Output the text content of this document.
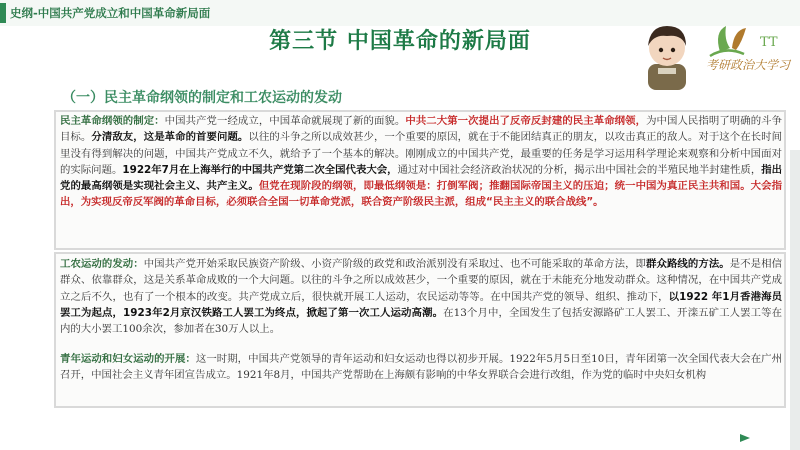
史纲-中国共产党成立和中国革命新局面
第三节 中国革命的新局面	TT
考研政治大学习
（一）民主革命纲领的制定和工农运动的发动
民主革命纲领的制定：中国共产党一经成立，中国革命就展现了新的面貌。中共二大第一次提出了反帝反封建的民主革命纲领，为中国人民指明了明确的斗争目标。分清敌友，这是革命的首要问题。以往的斗争之所以成效甚少，一个重要的原因，就在于不能团结真正的朋友，以攻击真正的敌人。对于这个在长时间里没有得到解决的问题，中国共产党成立不久，就给予了一个基本的解决。刚刚成立的中国共产党，最重要的任务是学习运用科学理论来观察和分析中国面对的实际问题。1922年7月在上海举行的中国共产党第二次全国代表大会，通过对中国社会经济政治状况的分析，揭示出中国社会的半殖民地半封建性质，指出党的最高纲领是实现社会主义、共产主义。但党在现阶段的纲领，即最低纲领是：打倒军阀；推翻国际帝国主义的压迫；统一中国为真正民主共和国。大会指出，为实现反帝反军阀的革命目标，必须联合全国一切革命党派，联合资产阶级民主派，组成“民主主义的联合战线”。
工农运动的发动：中国共产党开始采取民族资产阶级、小资产阶级的政党和政治派别没有采取过、也不可能采取的革命方法，即群众路线的方法。是不是相信群众、依靠群众，这是关系革命成败的一个大问题。以往的斗争之所以成效甚少，一个重要的原因，就在于未能充分地发动群众。这种情况，在中国共产党成立之后不久，也有了一个根本的改变。共产党成立后，很快就开展工人运动，农民运动等等。在中国共产党的领导、组织、推动下，以1922 年1月香港海员罢工为起点，1923年2月京汉铁路工人罢工为终点，掀起了第一次工人运动高潮。在13个月中，全国发生了包括安源路矿工人罢工、开滦五矿工人罢工等在内的大小罢工100余次，参加者在30万人以上。
青年运动和妇女运动的开展：这一时期，中国共产党领导的青年运动和妇女运动也得以初步开展。1922年5月5日至10日，青年团第一次全国代表大会在广州召开，中国社会主义青年团宣告成立。1921年8月，中国共产党帮助在上海颇有影响的中华女界联合会进行改组，作为党的临时中央妇女机构
